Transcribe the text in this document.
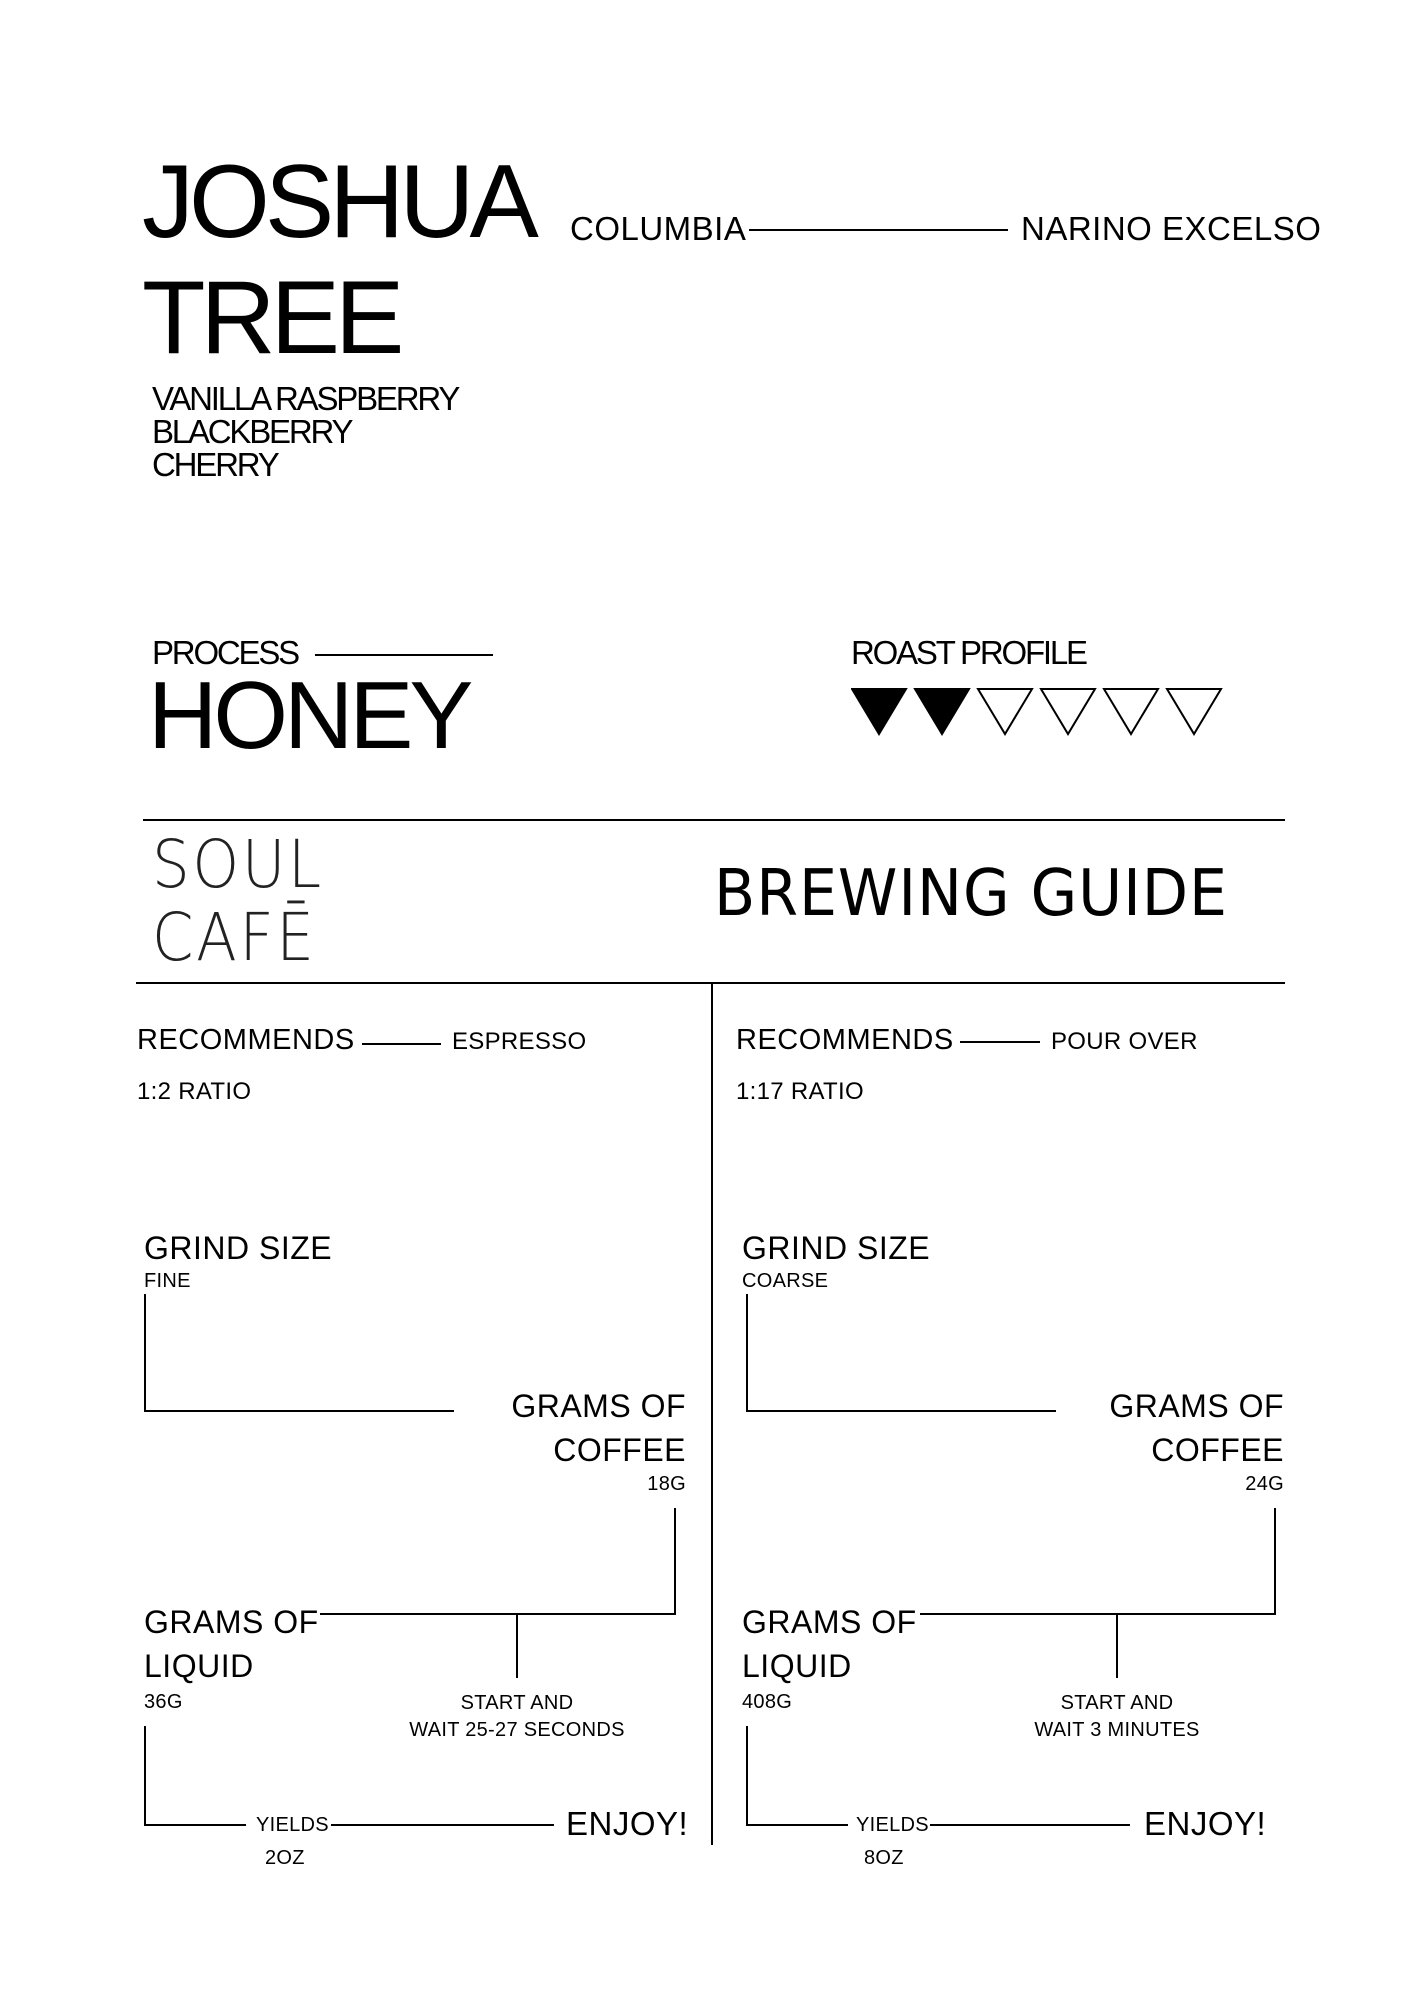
JOSHUA
TREE
COLUMBIA	NARINO EXCELSO
VANILLA RASPBERRY
BLACKBERRY
CHERRY
PROCESS
HONEY
ROAST PROFILE
SOUL
CAFĒ
BREWING GUIDE
RECOMMENDS	ESPRESSO
1:2 RATIO
GRIND SIZE
FINE
GRAMS OF
COFFEE
18G
GRAMS OF
LIQUID
36G	START AND
WAIT 25-27 SECONDS
YIELDS
2OZ
ENJOY!
RECOMMENDS	POUR OVER
1:17 RATIO
GRIND SIZE
COARSE
GRAMS OF
COFFEE
24G
GRAMS OF
LIQUID
408G	START AND
WAIT 3 MINUTES
YIELDS
8OZ
ENJOY!
